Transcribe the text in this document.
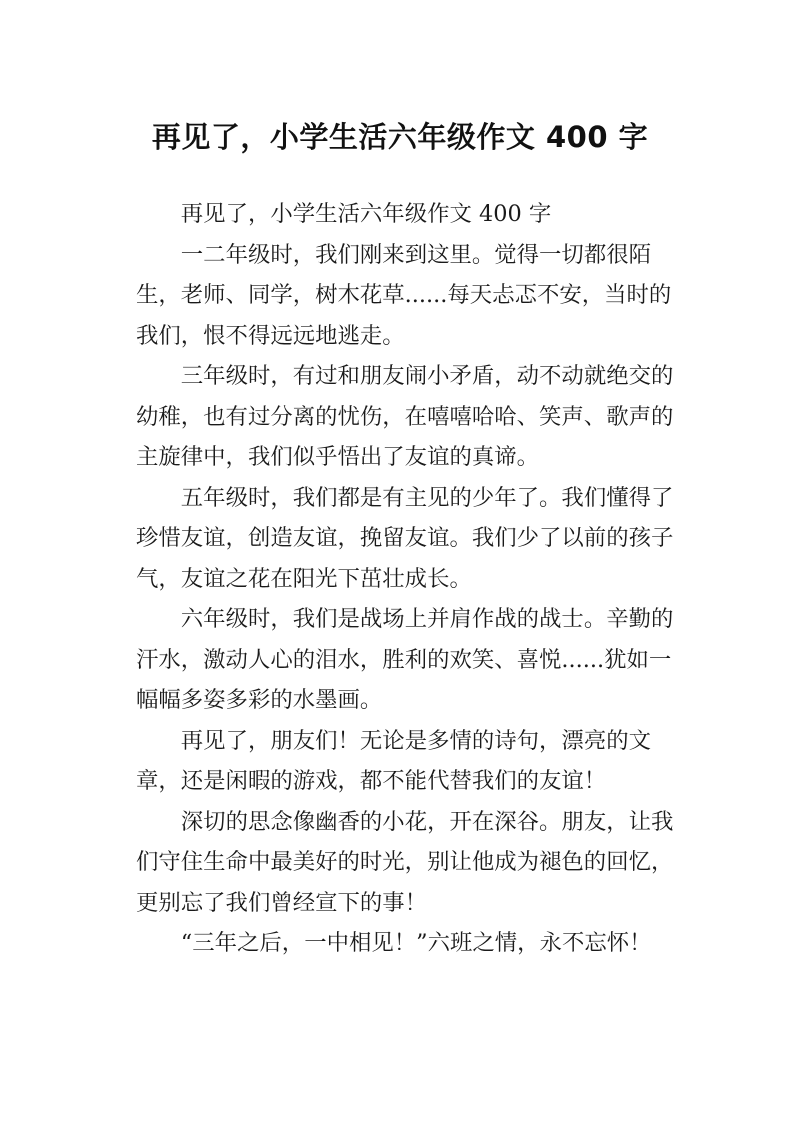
再见了，小学生活六年级作文 400 字

再见了，小学生活六年级作文 400 字

一二年级时，我们刚来到这里。觉得一切都很陌生，老师、同学，树木花草......每天忐忑不安，当时的我们，恨不得远远地逃走。

三年级时，有过和朋友闹小矛盾，动不动就绝交的幼稚，也有过分离的忧伤，在嘻嘻哈哈、笑声、歌声的主旋律中，我们似乎悟出了友谊的真谛。

五年级时，我们都是有主见的少年了。我们懂得了珍惜友谊，创造友谊，挽留友谊。我们少了以前的孩子气，友谊之花在阳光下茁壮成长。

六年级时，我们是战场上并肩作战的战士。辛勤的汗水，激动人心的泪水，胜利的欢笑、喜悦......犹如一幅幅多姿多彩的水墨画。

再见了，朋友们！无论是多情的诗句，漂亮的文章，还是闲暇的游戏，都不能代替我们的友谊！

深切的思念像幽香的小花，开在深谷。朋友，让我们守住生命中最美好的时光，别让他成为褪色的回忆，更别忘了我们曾经宣下的事！

“三年之后，一中相见！”六班之情，永不忘怀！
